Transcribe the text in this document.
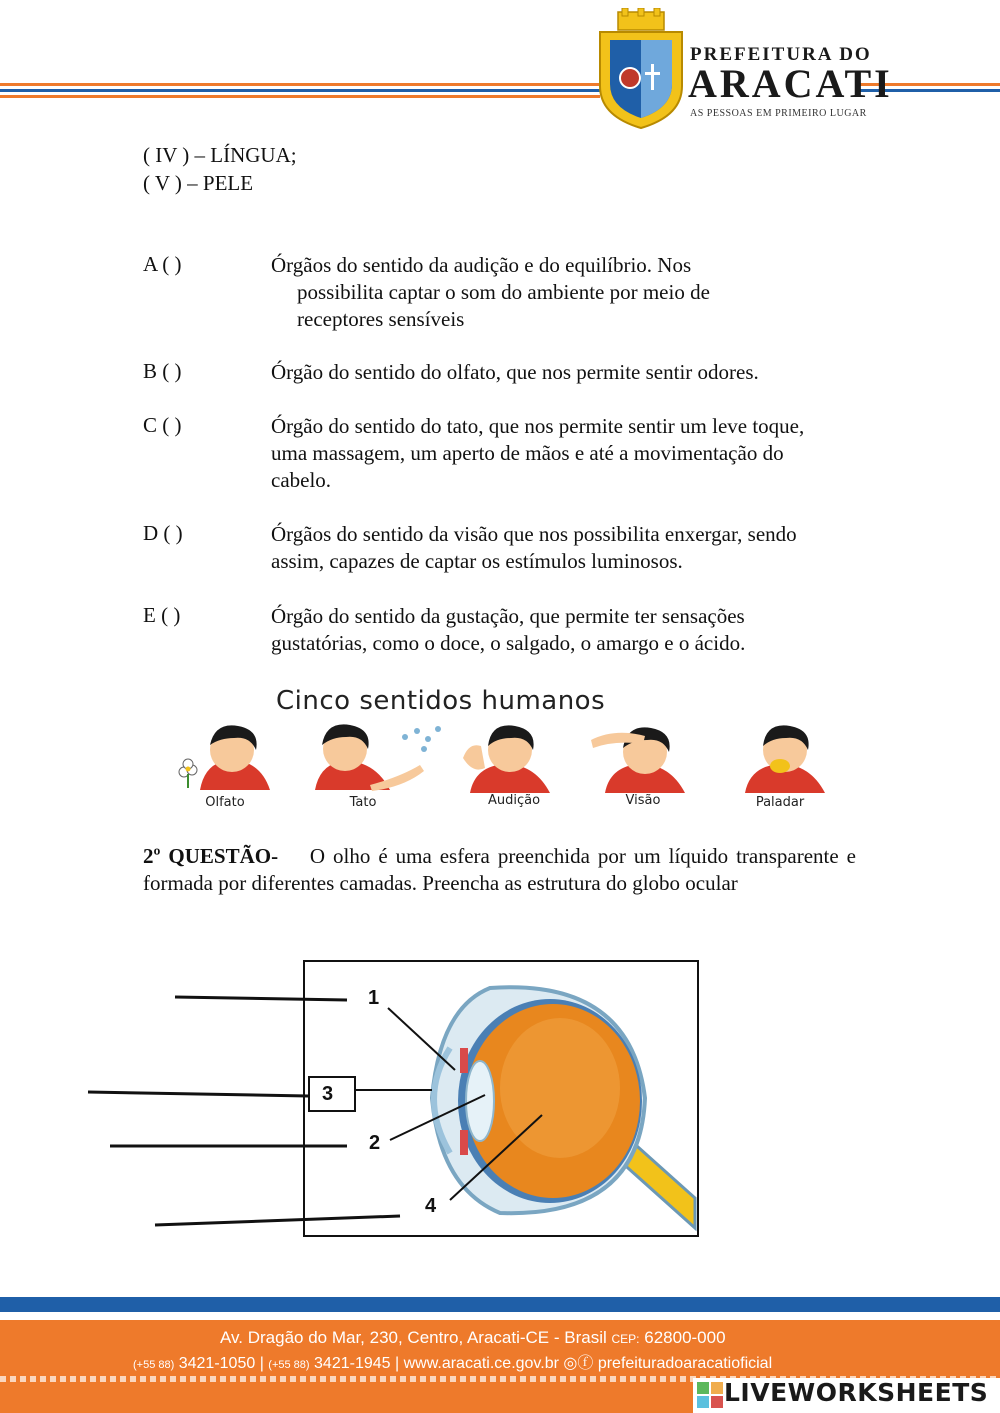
PREFEITURA DO
ARACATI
AS PESSOAS EM PRIMEIRO LUGAR
( IV ) – LÍNGUA;
( V ) – PELE
A ( )	Órgãos do sentido da audição e do equilíbrio. Nos
possibilita captar o som do ambiente por meio de
receptores sensíveis
B ( )	Órgão do sentido do olfato, que nos permite sentir odores.
C ( )	Órgão do sentido do tato, que nos permite sentir um leve toque, uma massagem, um aperto de mãos e até a movimentação do cabelo.
D ( )	Órgãos do sentido da visão que nos possibilita enxergar, sendo assim, capazes de captar os estímulos luminosos.
E ( )	Órgão do sentido da gustação, que permite ter sensações gustatórias, como o doce, o salgado, o amargo e o ácido.
Cinco sentidos humanos
Olfato	Tato	Audição	Visão	Paladar
2º QUESTÃO- O olho é uma esfera preenchida por um líquido transparente e formada por diferentes camadas. Preencha as estrutura do globo ocular
1
2
3
4
Av. Dragão do Mar, 230, Centro, Aracati-CE - Brasil CEP: 62800-000
(+55 88) 3421-1050 | (+55 88) 3421-1945 | www.aracati.ce.gov.br ◎ⓕ prefeituradoaracatioficial
LIVEWORKSHEETS
